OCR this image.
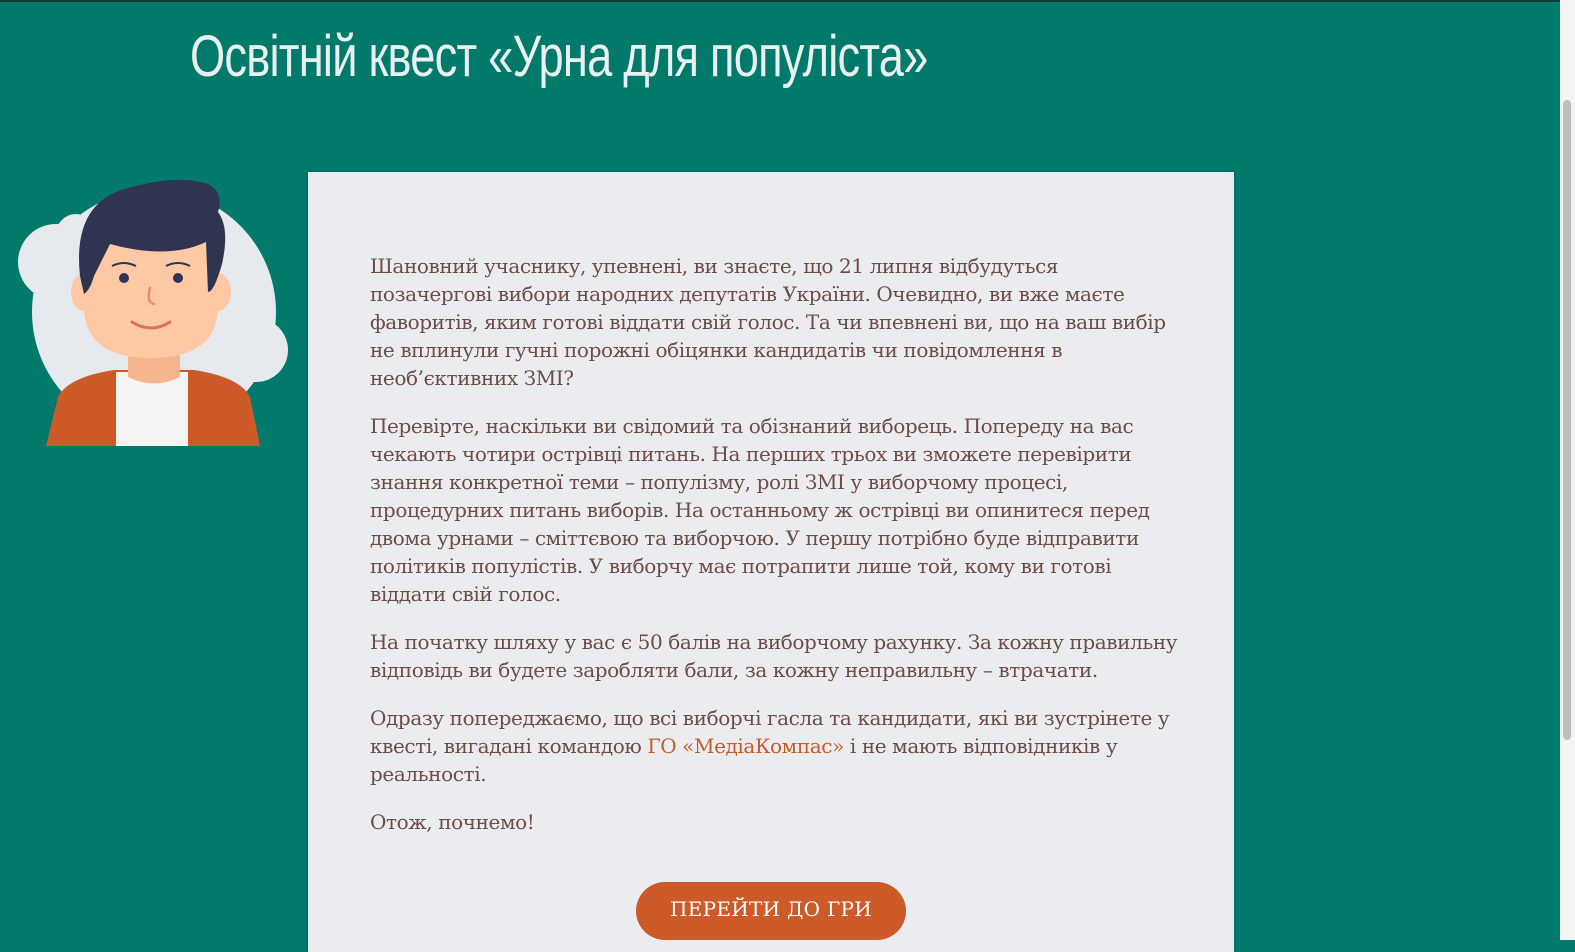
Освітній квест «Урна для популіста»

Шановний учаснику, упевнені, ви знаєте, що 21 липня відбудуться позачергові вибори народних депутатів України. Очевидно, ви вже маєте фаворитів, яким готові віддати свій голос. Та чи впевнені ви, що на ваш вибір не вплинули гучні порожні обіцянки кандидатів чи повідомлення в необ’єктивних ЗМІ?

Перевірте, наскільки ви свідомий та обізнаний виборець. Попереду на вас чекають чотири острівці питань. На перших трьох ви зможете перевірити знання конкретної теми – популізму, ролі ЗМІ у виборчому процесі, процедурних питань виборів. На останньому ж острівці ви опинитеся перед двома урнами – сміттєвою та виборчою. У першу потрібно буде відправити політиків популістів. У виборчу має потрапити лише той, кому ви готові віддати свій голос.

На початку шляху у вас є 50 балів на виборчому рахунку. За кожну правильну відповідь ви будете заробляти бали, за кожну неправильну – втрачати.

Одразу попереджаємо, що всі виборчі гасла та кандидати, які ви зустрінете у квесті, вигадані командою ГО «МедіаКомпас» і не мають відповідників у реальності.

Отож, почнемо!

ПЕРЕЙТИ ДО ГРИ
